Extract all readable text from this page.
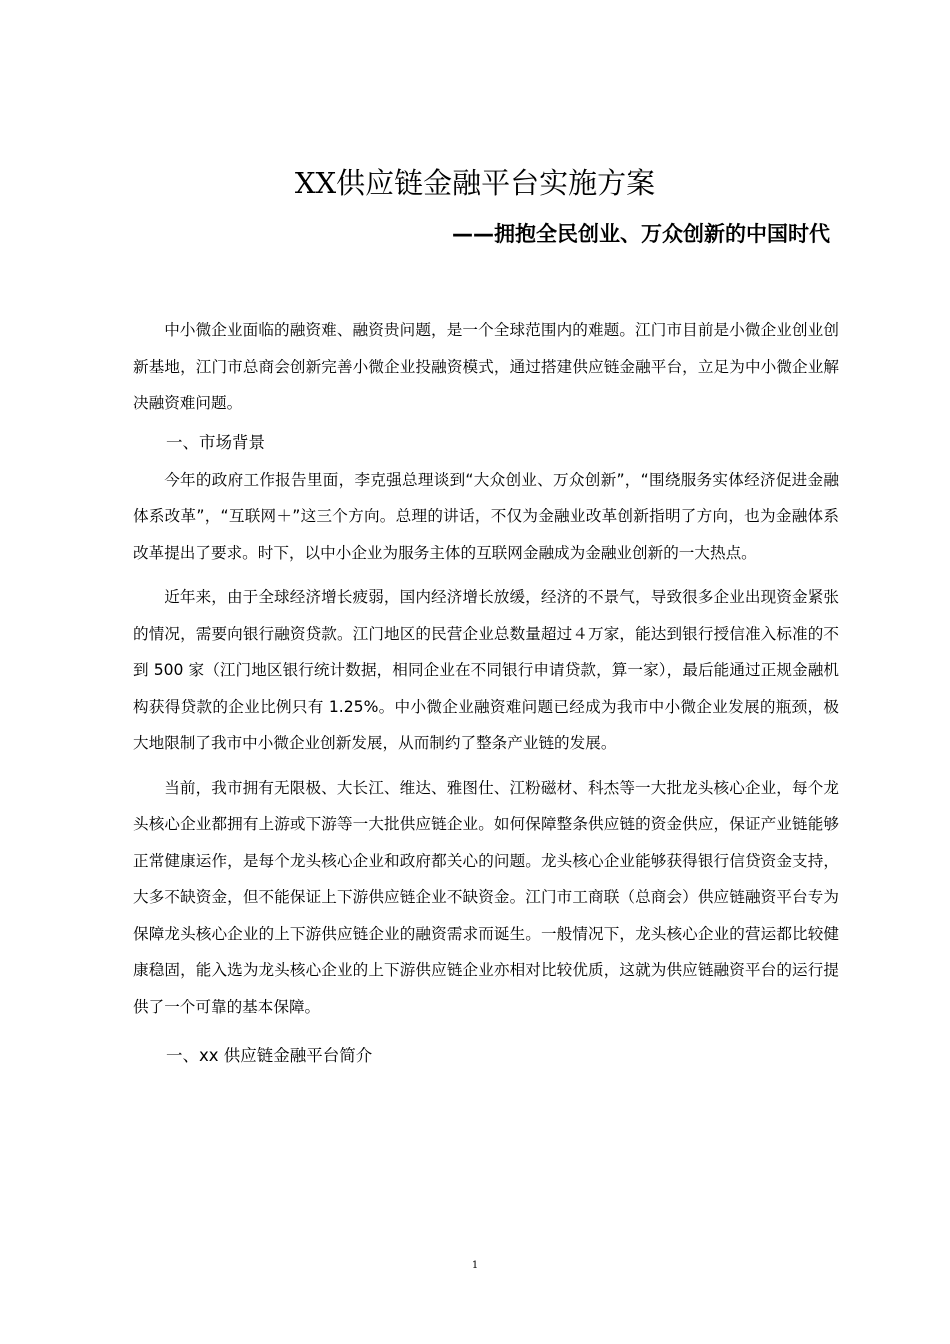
XX供应链金融平台实施方案
——拥抱全民创业、万众创新的中国时代

中小微企业面临的融资难、融资贵问题，是一个全球范围内的难题。江门市目前是小微企业创业创新基地，江门市总商会创新完善小微企业投融资模式，通过搭建供应链金融平台，立足为中小微企业解决融资难问题。

一、市场背景

今年的政府工作报告里面，李克强总理谈到“大众创业、万众创新”，“围绕服务实体经济促进金融体系改革”，“互联网＋”这三个方向。总理的讲话，不仅为金融业改革创新指明了方向，也为金融体系改革提出了要求。时下，以中小企业为服务主体的互联网金融成为金融业创新的一大热点。

近年来，由于全球经济增长疲弱，国内经济增长放缓，经济的不景气，导致很多企业出现资金紧张的情况，需要向银行融资贷款。江门地区的民营企业总数量超过４万家，能达到银行授信准入标准的不到 500 家（江门地区银行统计数据，相同企业在不同银行申请贷款，算一家），最后能通过正规金融机构获得贷款的企业比例只有 1.25%。中小微企业融资难问题已经成为我市中小微企业发展的瓶颈，极大地限制了我市中小微企业创新发展，从而制约了整条产业链的发展。

当前，我市拥有无限极、大长江、维达、雅图仕、江粉磁材、科杰等一大批龙头核心企业，每个龙头核心企业都拥有上游或下游等一大批供应链企业。如何保障整条供应链的资金供应，保证产业链能够正常健康运作，是每个龙头核心企业和政府都关心的问题。龙头核心企业能够获得银行信贷资金支持，大多不缺资金，但不能保证上下游供应链企业不缺资金。江门市工商联（总商会）供应链融资平台专为保障龙头核心企业的上下游供应链企业的融资需求而诞生。一般情况下，龙头核心企业的营运都比较健康稳固，能入选为龙头核心企业的上下游供应链企业亦相对比较优质，这就为供应链融资平台的运行提供了一个可靠的基本保障。

一、xx 供应链金融平台简介

1
